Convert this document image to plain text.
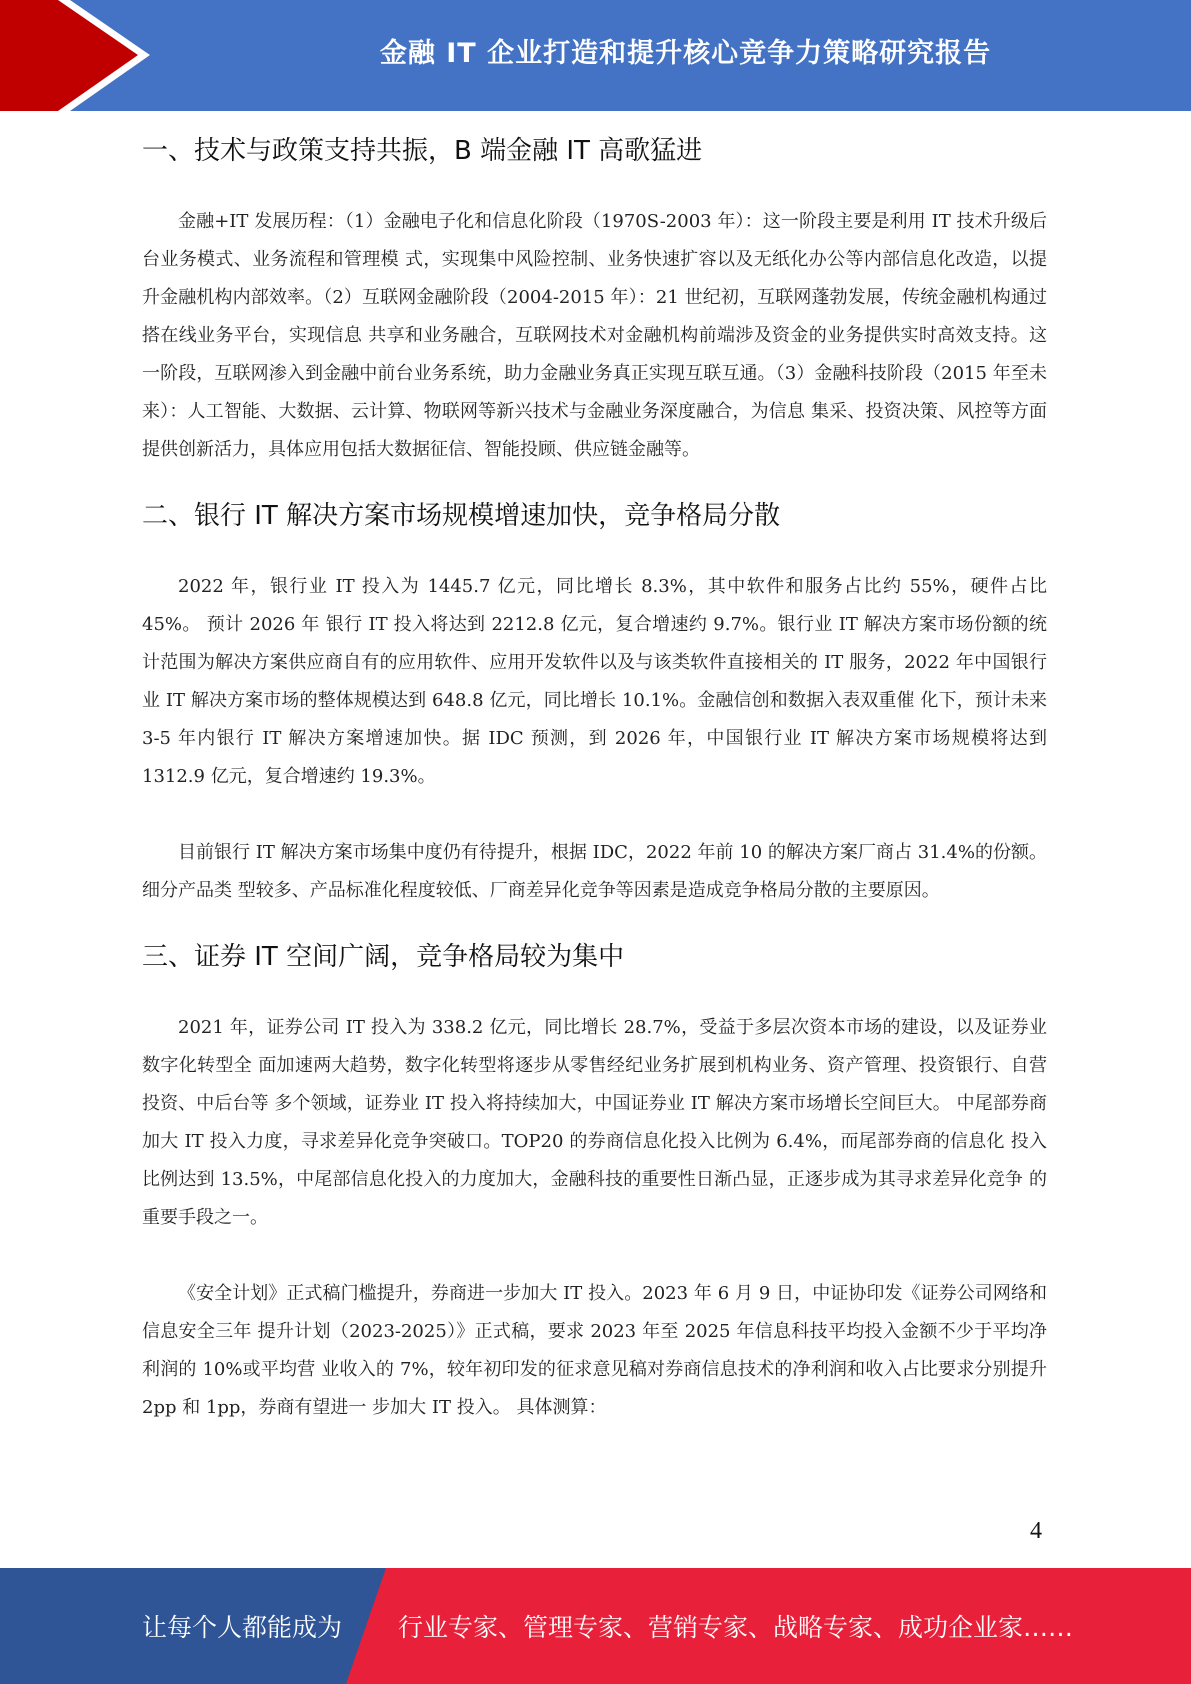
金融 IT 企业打造和提升核心竞争力策略研究报告
一、技术与政策支持共振，B 端金融 IT 高歌猛进

金融+IT 发展历程：（1）金融电子化和信息化阶段（1970S-2003 年）：这一阶段主要是利用 IT 技术升级后台业务模式、业务流程和管理模 式，实现集中风险控制、业务快速扩容以及无纸化办公等内部信息化改造，以提升金融机构内部效率。（2）互联网金融阶段（2004-2015 年）：21 世纪初，互联网蓬勃发展，传统金融机构通过搭在线业务平台，实现信息 共享和业务融合，互联网技术对金融机构前端涉及资金的业务提供实时高效支持。这一阶段，互联网渗入到金融中前台业务系统，助力金融业务真正实现互联互通。（3）金融科技阶段（2015 年至未来）：人工智能、大数据、云计算、物联网等新兴技术与金融业务深度融合，为信息 集采、投资决策、风控等方面提供创新活力，具体应用包括大数据征信、智能投顾、供应链金融等。

二、银行 IT 解决方案市场规模增速加快，竞争格局分散

2022 年，银行业 IT 投入为 1445.7 亿元，同比增长 8.3%，其中软件和服务占比约 55%，硬件占比 45%。 预计 2026 年 银行 IT 投入将达到 2212.8 亿元，复合增速约 9.7%。银行业 IT 解决方案市场份额的统计范围为解决方案供应商自有的应用软件、应用开发软件以及与该类软件直接相关的 IT 服务，2022 年中国银行业 IT 解决方案市场的整体规模达到 648.8 亿元，同比增长 10.1%。金融信创和数据入表双重催 化下，预计未来 3-5 年内银行 IT 解决方案增速加快。据 IDC 预测，到 2026 年，中国银行业 IT 解决方案市场规模将达到 1312.9 亿元，复合增速约 19.3%。

目前银行 IT 解决方案市场集中度仍有待提升，根据 IDC，2022 年前 10 的解决方案厂商占 31.4%的份额。细分产品类 型较多、产品标准化程度较低、厂商差异化竞争等因素是造成竞争格局分散的主要原因。

三、证券 IT 空间广阔，竞争格局较为集中

2021 年，证券公司 IT 投入为 338.2 亿元，同比增长 28.7%，受益于多层次资本市场的建设，以及证券业数字化转型全 面加速两大趋势，数字化转型将逐步从零售经纪业务扩展到机构业务、资产管理、投资银行、自营投资、中后台等 多个领域，证券业 IT 投入将持续加大，中国证券业 IT 解决方案市场增长空间巨大。 中尾部券商加大 IT 投入力度，寻求差异化竞争突破口。TOP20 的券商信息化投入比例为 6.4%，而尾部券商的信息化 投入比例达到 13.5%，中尾部信息化投入的力度加大，金融科技的重要性日渐凸显，正逐步成为其寻求差异化竞争 的重要手段之一。

《安全计划》正式稿门槛提升，券商进一步加大 IT 投入。2023 年 6 月 9 日，中证协印发《证券公司网络和信息安全三年 提升计划（2023-2025）》正式稿，要求 2023 年至 2025 年信息科技平均投入金额不少于平均净利润的 10%或平均营 业收入的 7%，较年初印发的征求意见稿对券商信息技术的净利润和收入占比要求分别提升 2pp 和 1pp，券商有望进一 步加大 IT 投入。 具体测算：

4
让每个人都能成为 行业专家、管理专家、营销专家、战略专家、成功企业家……
